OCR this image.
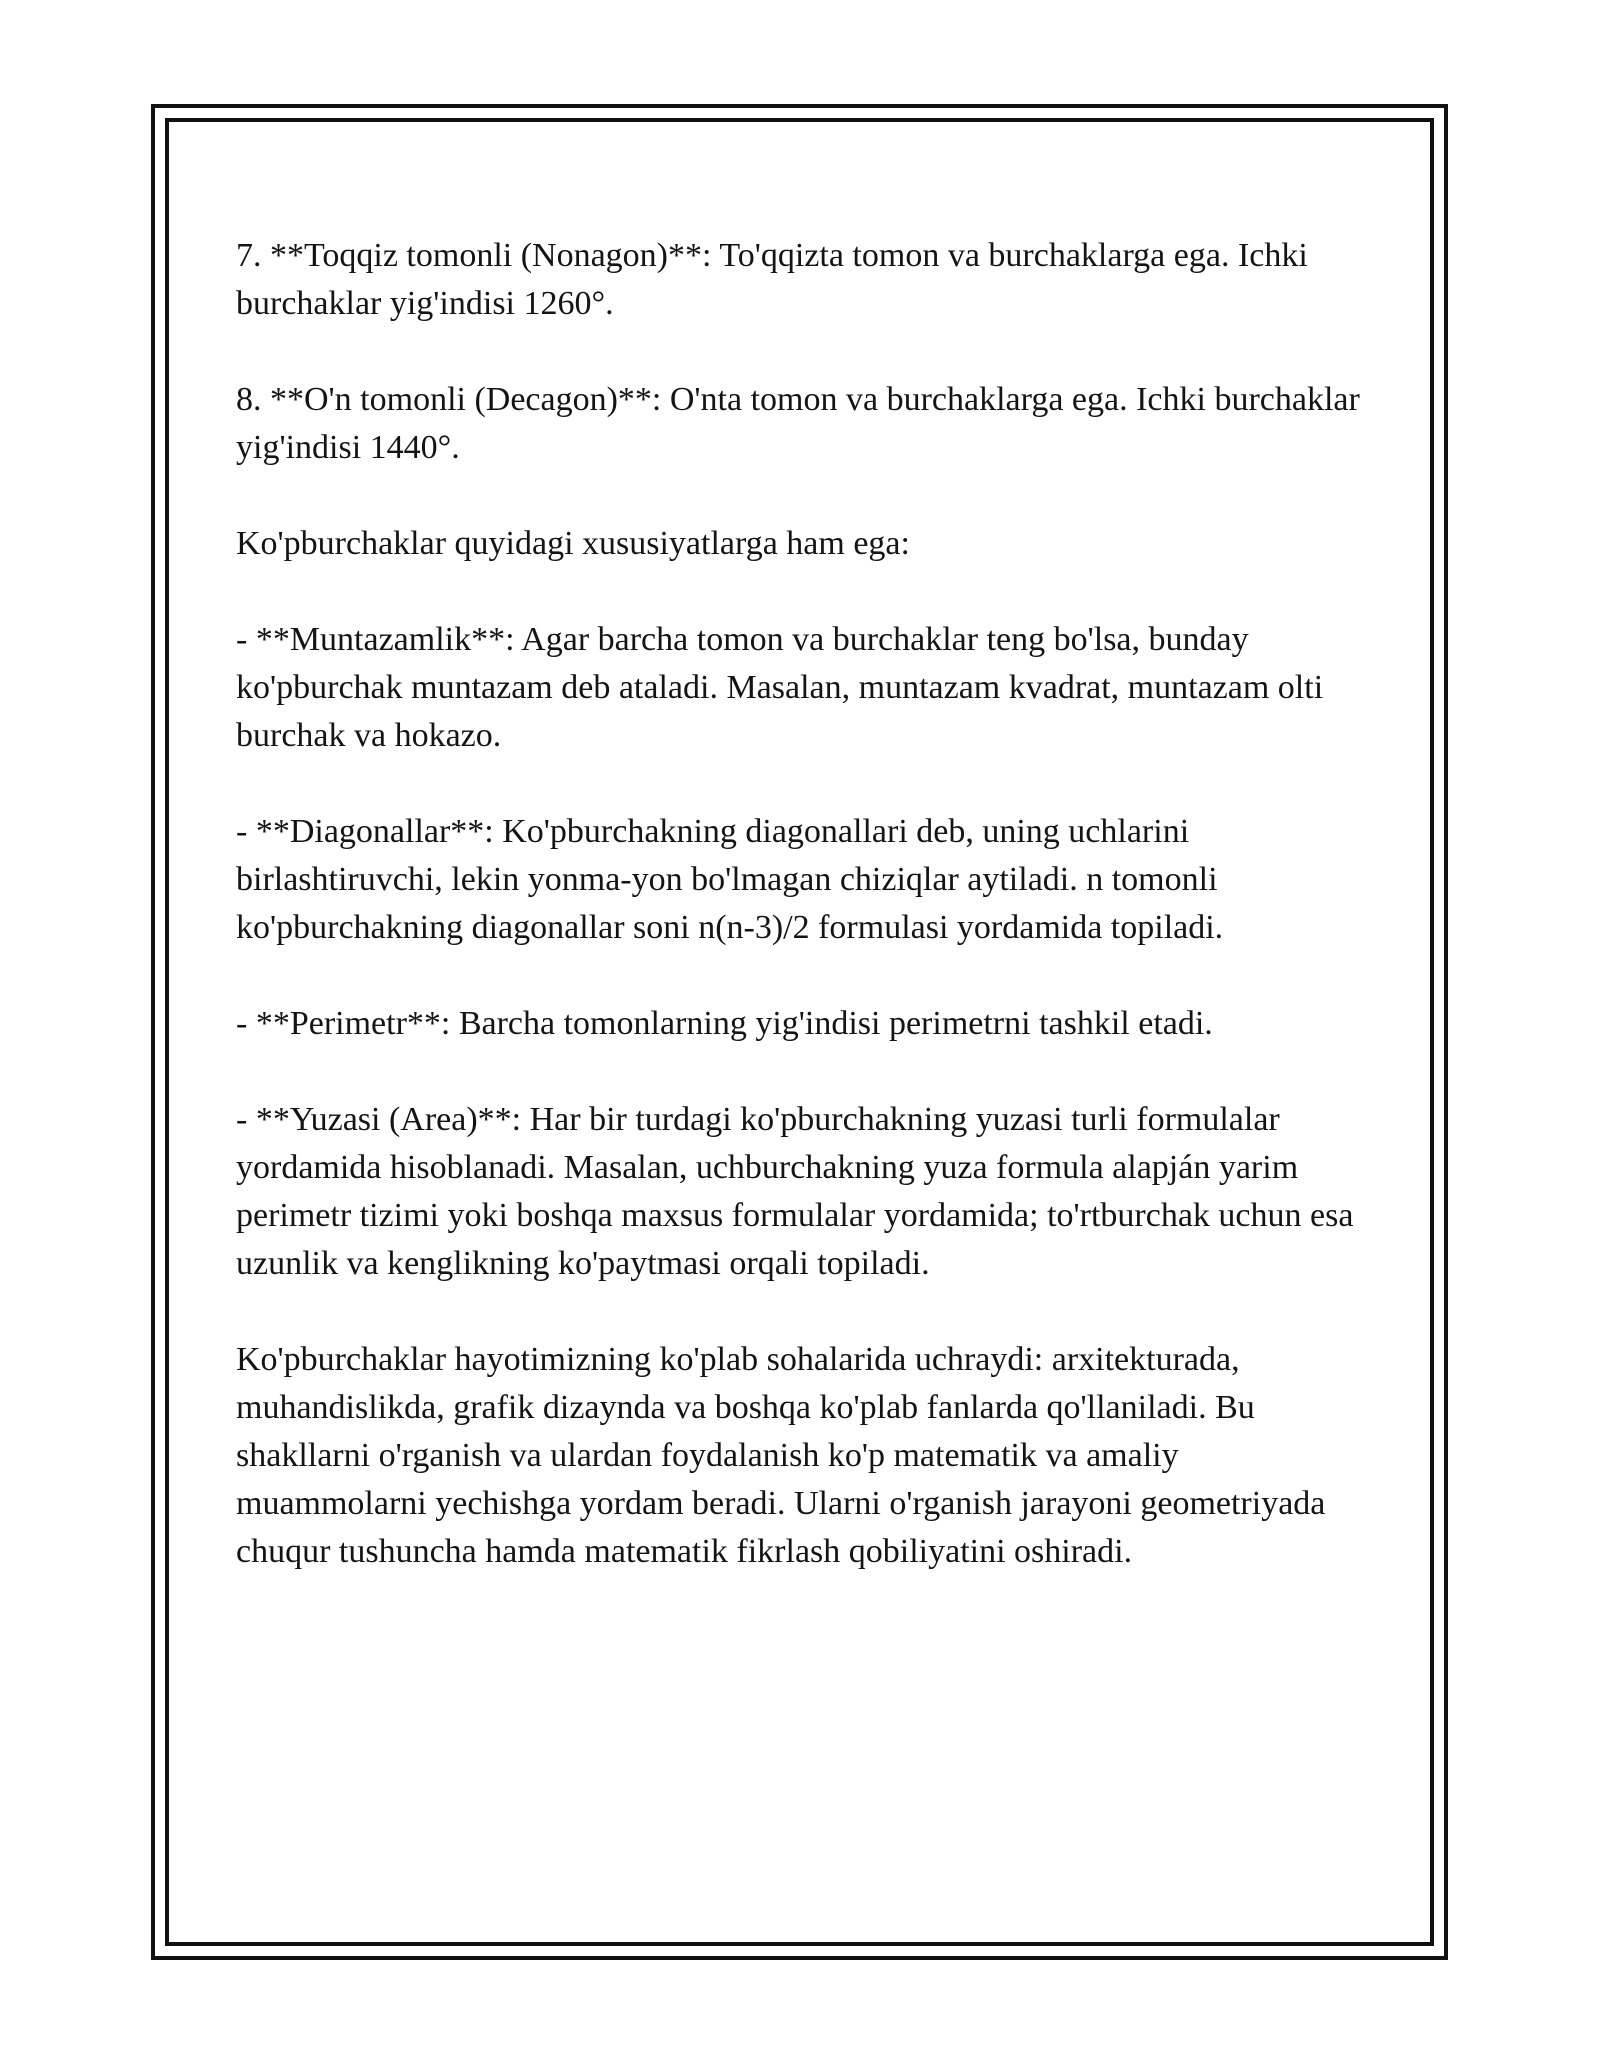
7. **Toqqiz tomonli (Nonagon)**: To'qqizta tomon va burchaklarga ega. Ichki burchaklar yig'indisi 1260°.

8. **O'n tomonli (Decagon)**: O'nta tomon va burchaklarga ega. Ichki burchaklar yig'indisi 1440°.

Ko'pburchaklar quyidagi xususiyatlarga ham ega:

- **Muntazamlik**: Agar barcha tomon va burchaklar teng bo'lsa, bunday ko'pburchak muntazam deb ataladi. Masalan, muntazam kvadrat, muntazam olti burchak va hokazo.

- **Diagonallar**: Ko'pburchakning diagonallari deb, uning uchlarini birlashtiruvchi, lekin yonma-yon bo'lmagan chiziqlar aytiladi. n tomonli ko'pburchakning diagonallar soni n(n-3)/2 formulasi yordamida topiladi.

- **Perimetr**: Barcha tomonlarning yig'indisi perimetrni tashkil etadi.

- **Yuzasi (Area)**: Har bir turdagi ko'pburchakning yuzasi turli formulalar yordamida hisoblanadi. Masalan, uchburchakning yuza formula alapján yarim perimetr tizimi yoki boshqa maxsus formulalar yordamida; to'rtburchak uchun esa uzunlik va kenglikning ko'paytmasi orqali topiladi.

Ko'pburchaklar hayotimizning ko'plab sohalarida uchraydi: arxitekturada, muhandislikda, grafik dizaynda va boshqa ko'plab fanlarda qo'llaniladi. Bu shakllarni o'rganish va ulardan foydalanish ko'p matematik va amaliy muammolarni yechishga yordam beradi. Ularni o'rganish jarayoni geometriyada chuqur tushuncha hamda matematik fikrlash qobiliyatini oshiradi.
